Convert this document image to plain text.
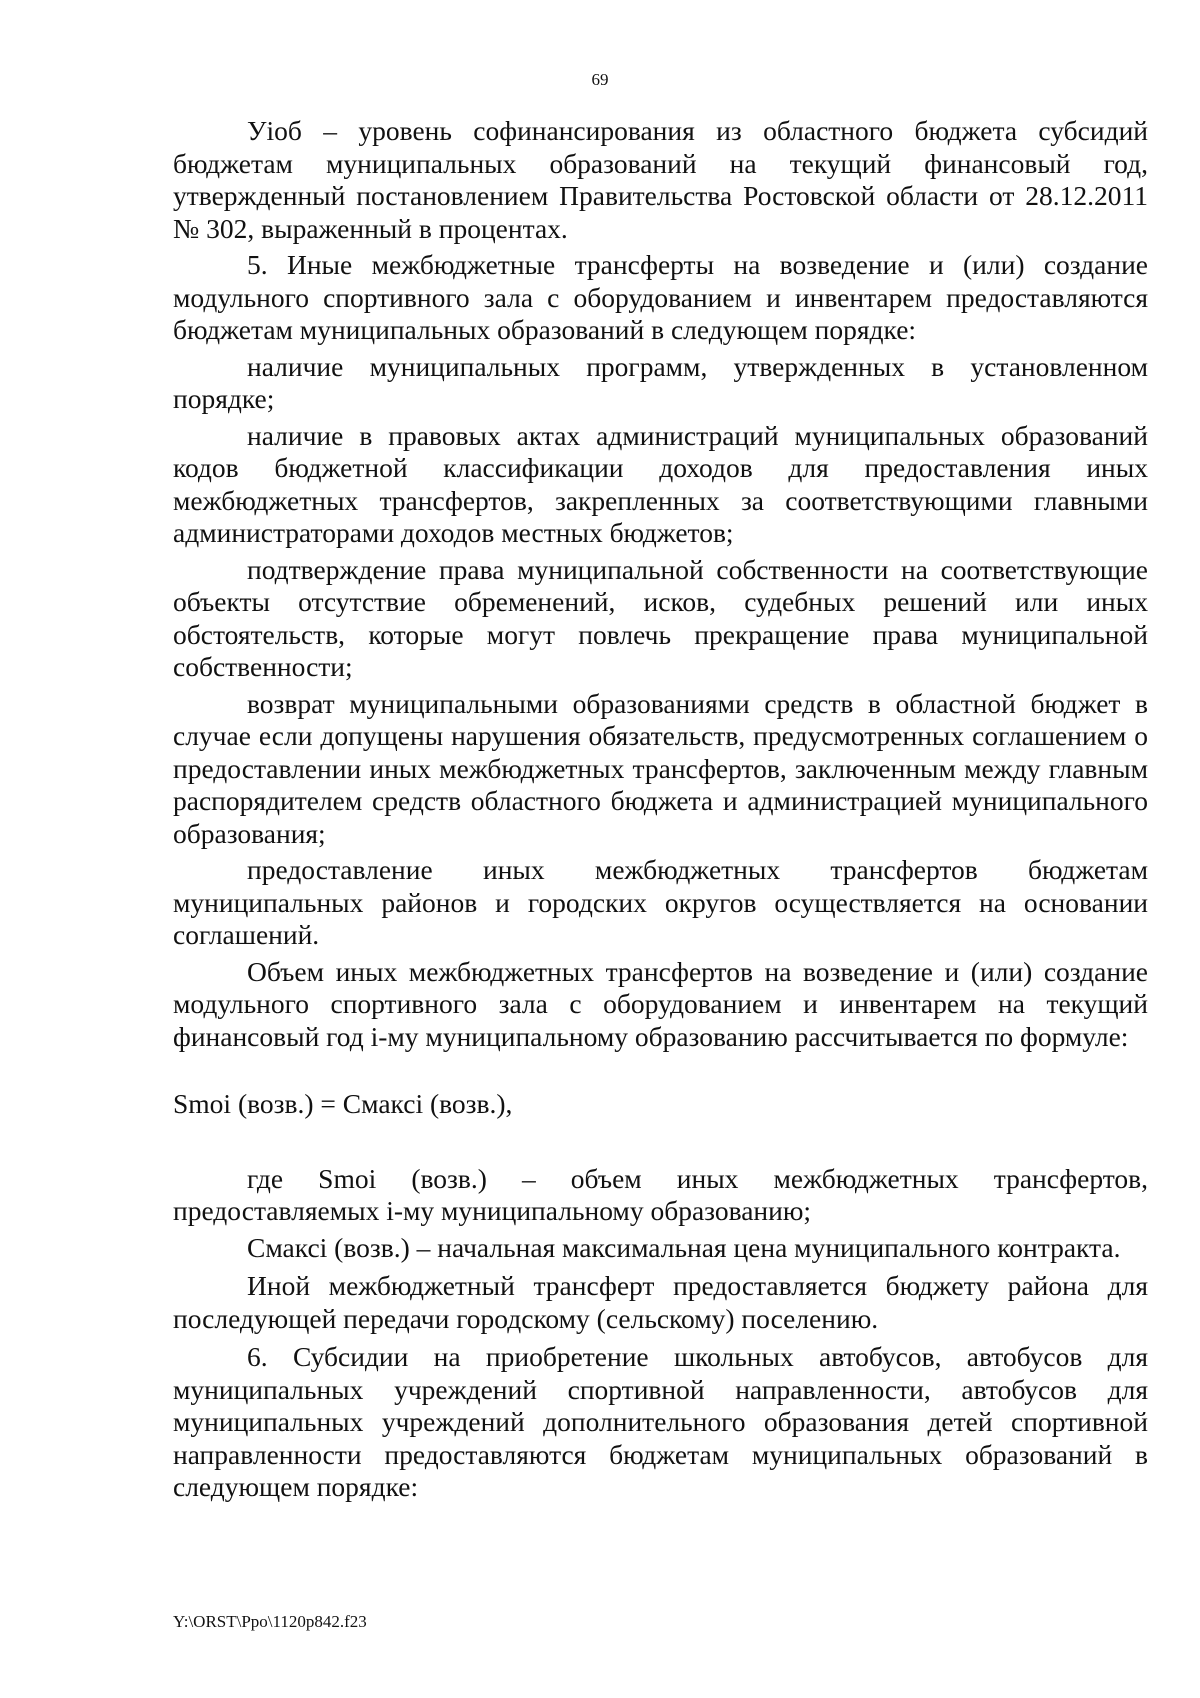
69

Уiоб – уровень софинансирования из областного бюджета субсидий бюджетам муниципальных образований на текущий финансовый год, утвержденный постановлением Правительства Ростовской области от 28.12.2011 № 302, выраженный в процентах.

5. Иные межбюджетные трансферты на возведение и (или) создание модульного спортивного зала с оборудованием и инвентарем предоставляются бюджетам муниципальных образований в следующем порядке:

наличие муниципальных программ, утвержденных в установленном порядке;

наличие в правовых актах администраций муниципальных образований кодов бюджетной классификации доходов для предоставления иных межбюджетных трансфертов, закрепленных за соответствующими главными администраторами доходов местных бюджетов;

подтверждение права муниципальной собственности на соответствующие объекты отсутствие обременений, исков, судебных решений или иных обстоятельств, которые могут повлечь прекращение права муниципальной собственности;

возврат муниципальными образованиями средств в областной бюджет в случае если допущены нарушения обязательств, предусмотренных соглашением о предоставлении иных межбюджетных трансфертов, заключенным между главным распорядителем средств областного бюджета и администрацией муниципального образования;

предоставление иных межбюджетных трансфертов бюджетам муниципальных районов и городских округов осуществляется на основании соглашений.

Объем иных межбюджетных трансфертов на возведение и (или) создание модульного спортивного зала с оборудованием и инвентарем на текущий финансовый год i-му муниципальному образованию рассчитывается по формуле:

Smoi (возв.) = Смаксi (возв.),

где Smoi (возв.) – объем иных межбюджетных трансфертов, предоставляемых i-му муниципальному образованию;

Смаксi (возв.) – начальная максимальная цена муниципального контракта.

Иной межбюджетный трансферт предоставляется бюджету района для последующей передачи городскому (сельскому) поселению.

6. Субсидии на приобретение школьных автобусов, автобусов для муниципальных учреждений спортивной направленности, автобусов для муниципальных учреждений дополнительного образования детей спортивной направленности предоставляются бюджетам муниципальных образований в следующем порядке:

Y:\ORST\Ppo\1120p842.f23
